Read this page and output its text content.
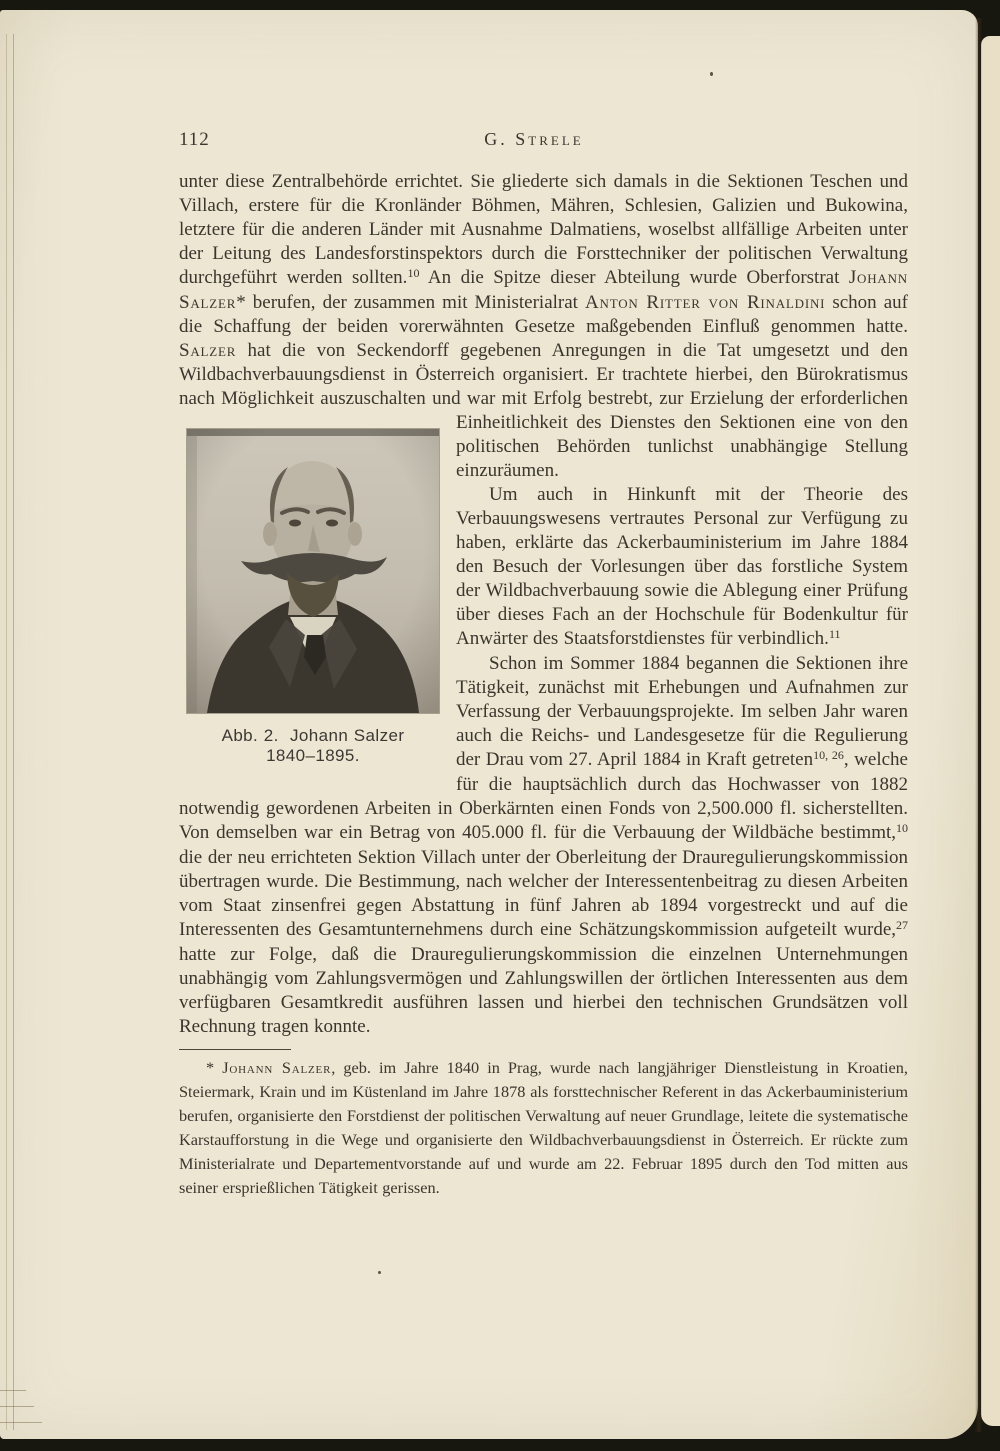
112	G. Strele
Abb. 2.  Johann Salzer
1840–1895.

unter diese Zentralbehörde errichtet. Sie gliederte sich damals in die Sektionen Teschen und Villach, erstere für die Kronländer Böhmen, Mähren, Schlesien, Galizien und Bukowina, letztere für die anderen Länder mit Ausnahme Dalmatiens, woselbst allfällige Arbeiten unter der Leitung des Landesforstinspektors durch die Forsttechniker der politischen Verwaltung durchgeführt werden sollten.$^{10}$ An die Spitze dieser Abteilung wurde Oberforstrat Johann Salzer* berufen, der zusammen mit Ministerialrat Anton Ritter von Rinaldini schon auf die Schaffung der beiden vorerwähnten Gesetze maßgebenden Einfluß genommen hatte. Salzer hat die von Seckendorff gegebenen Anregungen in die Tat umgesetzt und den Wildbachverbauungsdienst in Österreich organisiert. Er trachtete hierbei, den Bürokratismus nach Möglichkeit auszuschalten und war mit Erfolg bestrebt, zur Erzielung der erforderlichen Einheitlichkeit des Dienstes den Sektionen eine von den politischen Behörden tunlichst unabhängige Stellung einzuräumen.

Um auch in Hinkunft mit der Theorie des Verbauungswesens vertrautes Personal zur Verfügung zu haben, erklärte das Ackerbauministerium im Jahre 1884 den Besuch der Vorlesungen über das forstliche System der Wildbachverbauung sowie die Ablegung einer Prüfung über dieses Fach an der Hochschule für Bodenkultur für Anwärter des Staatsforstdienstes für verbindlich.$^{11}$

Schon im Sommer 1884 begannen die Sektionen ihre Tätigkeit, zunächst mit Erhebungen und Aufnahmen zur Verfassung der Verbauungsprojekte. Im selben Jahr waren auch die Reichs- und Landesgesetze für die Regulierung der Drau vom 27. April 1884 in Kraft getreten$^{10, 26}$, welche für die hauptsächlich durch das Hochwasser von 1882 notwendig gewordenen Arbeiten in Oberkärnten einen Fonds von 2,500.000 fl. sicherstellten. Von demselben war ein Betrag von 405.000 fl. für die Verbauung der Wildbäche bestimmt,$^{10}$ die der neu errichteten Sektion Villach unter der Oberleitung der Drauregulierungskommission übertragen wurde. Die Bestimmung, nach welcher der Interessentenbeitrag zu diesen Arbeiten vom Staat zinsenfrei gegen Abstattung in fünf Jahren ab 1894 vorgestreckt und auf die Interessenten des Gesamtunternehmens durch eine Schätzungskommission aufgeteilt wurde,$^{27}$ hatte zur Folge, daß die Drauregulierungskommission die einzelnen Unternehmungen unabhängig vom Zahlungsvermögen und Zahlungswillen der örtlichen Interessenten aus dem verfügbaren Gesamtkredit ausführen lassen und hierbei den technischen Grundsätzen voll Rechnung tragen konnte.

* Johann Salzer, geb. im Jahre 1840 in Prag, wurde nach langjähriger Dienstleistung in Kroatien, Steiermark, Krain und im Küstenland im Jahre 1878 als forsttechnischer Referent in das Ackerbauministerium berufen, organisierte den Forstdienst der politischen Verwaltung auf neuer Grundlage, leitete die systematische Karstaufforstung in die Wege und organisierte den Wildbachverbauungsdienst in Österreich. Er rückte zum Ministerialrate und Departementvorstande auf und wurde am 22. Februar 1895 durch den Tod mitten aus seiner ersprießlichen Tätigkeit gerissen.
